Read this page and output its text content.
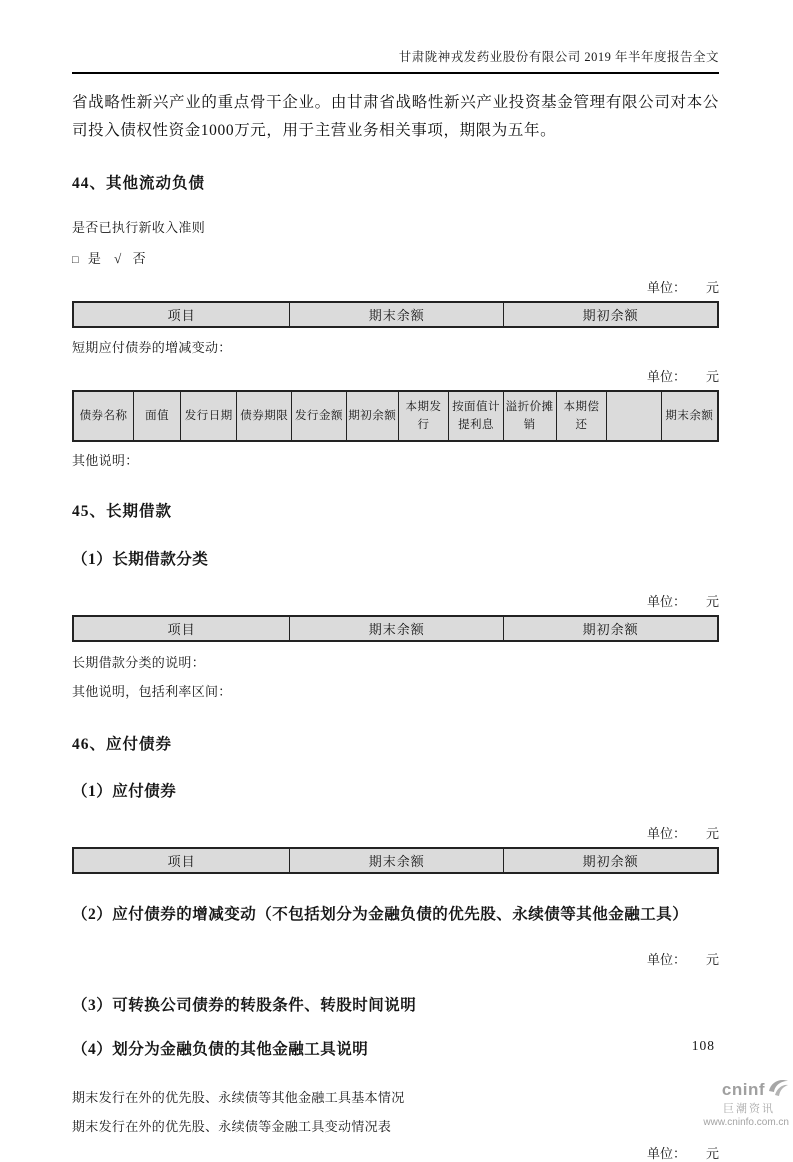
甘肃陇神戎发药业股份有限公司 2019 年半年度报告全文
省战略性新兴产业的重点骨干企业。由甘肃省战略性新兴产业投资基金管理有限公司对本公司投入债权性资金1000万元，用于主营业务相关事项，期限为五年。
44、其他流动负债
是否已执行新收入准则
□ 是 √ 否
单位： 元
项目	期末余额	期初余额
短期应付债券的增减变动：
单位： 元
债券名称	面值	发行日期	债券期限	发行金额	期初余额	本期发行	按面值计提利息	溢折价摊销	本期偿还		期末余额
其他说明：
45、长期借款
（1）长期借款分类
单位： 元
项目	期末余额	期初余额
长期借款分类的说明：
其他说明，包括利率区间：
46、应付债券
（1）应付债券
单位： 元
项目	期末余额	期初余额
（2）应付债券的增减变动（不包括划分为金融负债的优先股、永续债等其他金融工具）
单位： 元
（3）可转换公司债券的转股条件、转股时间说明
（4）划分为金融负债的其他金融工具说明
期末发行在外的优先股、永续债等其他金融工具基本情况
期末发行在外的优先股、永续债等金融工具变动情况表
单位： 元
108
cninf
巨潮资讯
www.cninfo.com.cn
